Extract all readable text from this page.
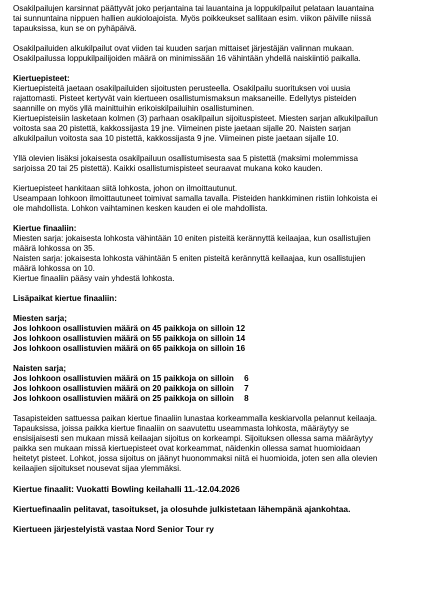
Osakilpailujen karsinnat päättyvät joko perjantaina tai lauantaina ja loppukilpailut pelataan lauantaina
tai sunnuntaina nippuen hallien aukioloajoista. Myös poikkeukset sallitaan esim. viikon päiville niissä
tapauksissa, kun se on pyhäpäivä.
Osakilpailuiden alkukilpailut ovat viiden tai kuuden sarjan mittaiset järjestäjän valinnan mukaan.
Osakilpailussa loppukilpailijoiden määrä on minimissään 16 vähintään yhdellä naiskiintiö paikalla.
Kiertuepisteet:
Kiertuepisteitä jaetaan osakilpailuiden sijoitusten perusteella. Osakilpailu suorituksen voi uusia
rajattomasti. Pisteet kertyvät vain kiertueen osallistumismaksun maksaneille. Edellytys pisteiden
saannille on myös yllä mainittuihin erikoiskilpailuihin osallistuminen.
Kiertuepisteisiin lasketaan kolmen (3) parhaan osakilpailun sijoituspisteet. Miesten sarjan alkukilpailun
voitosta saa 20 pistettä, kakkossijasta 19 jne. Viimeinen piste jaetaan sijalle 20. Naisten sarjan
alkukilpailun voitosta saa 10 pistettä, kakkossijasta 9 jne. Viimeinen piste jaetaan sijalle 10.
Yllä olevien lisäksi jokaisesta osakilpailuun osallistumisesta saa 5 pistettä (maksimi molemmissa
sarjoissa 20 tai 25 pistettä). Kaikki osallistumispisteet seuraavat mukana koko kauden.
Kiertuepisteet hankitaan siitä lohkosta, johon on ilmoittautunut.
Useampaan lohkoon ilmoittautuneet toimivat samalla tavalla. Pisteiden hankkiminen ristiin lohkoista ei
ole mahdollista. Lohkon vaihtaminen kesken kauden ei ole mahdollista.
Kiertue finaaliin:
Miesten sarja: jokaisesta lohkosta vähintään 10 eniten pisteitä kerännyttä keilaajaa, kun osallistujien
määrä lohkossa on 35.
Naisten sarja: jokaisesta lohkosta vähintään 5 eniten pisteitä kerännyttä keilaajaa, kun osallistujien
määrä lohkossa on 10.
Kiertue finaaliin pääsy vain yhdestä lohkosta.
Lisäpaikat kiertue finaaliin:
Miesten sarja;
Jos lohkoon osallistuvien määrä on 45 paikkoja on silloin 12
Jos lohkoon osallistuvien määrä on 55 paikkoja on silloin 14
Jos lohkoon osallistuvien määrä on 65 paikkoja on silloin 16
Naisten sarja;
Jos lohkoon osallistuvien määrä on 15 paikkoja on silloin 6
Jos lohkoon osallistuvien määrä on 20 paikkoja on silloin 7
Jos lohkoon osallistuvien määrä on 25 paikkoja on silloin 8
Tasapisteiden sattuessa paikan kiertue finaaliin lunastaa korkeammalla keskiarvolla pelannut keilaaja.
Tapauksissa, joissa paikka kiertue finaaliin on saavutettu useammasta lohkosta, määräytyy se
ensisijaisesti sen mukaan missä keilaajan sijoitus on korkeampi. Sijoituksen ollessa sama määräytyy
paikka sen mukaan missä kiertuepisteet ovat korkeammat, näidenkin ollessa samat huomioidaan
heitetyt pisteet. Lohkot, jossa sijoitus on jäänyt huonommaksi niitä ei huomioida, joten sen alla olevien
keilaajien sijoitukset nousevat sijaa ylemmäksi.
Kiertue finaalit: Vuokatti Bowling keilahalli 11.-12.04.2026
Kiertuefinaalin pelitavat, tasoitukset, ja olosuhde julkistetaan lähempänä ajankohtaa.
Kiertueen järjestelyistä vastaa Nord Senior Tour ry
